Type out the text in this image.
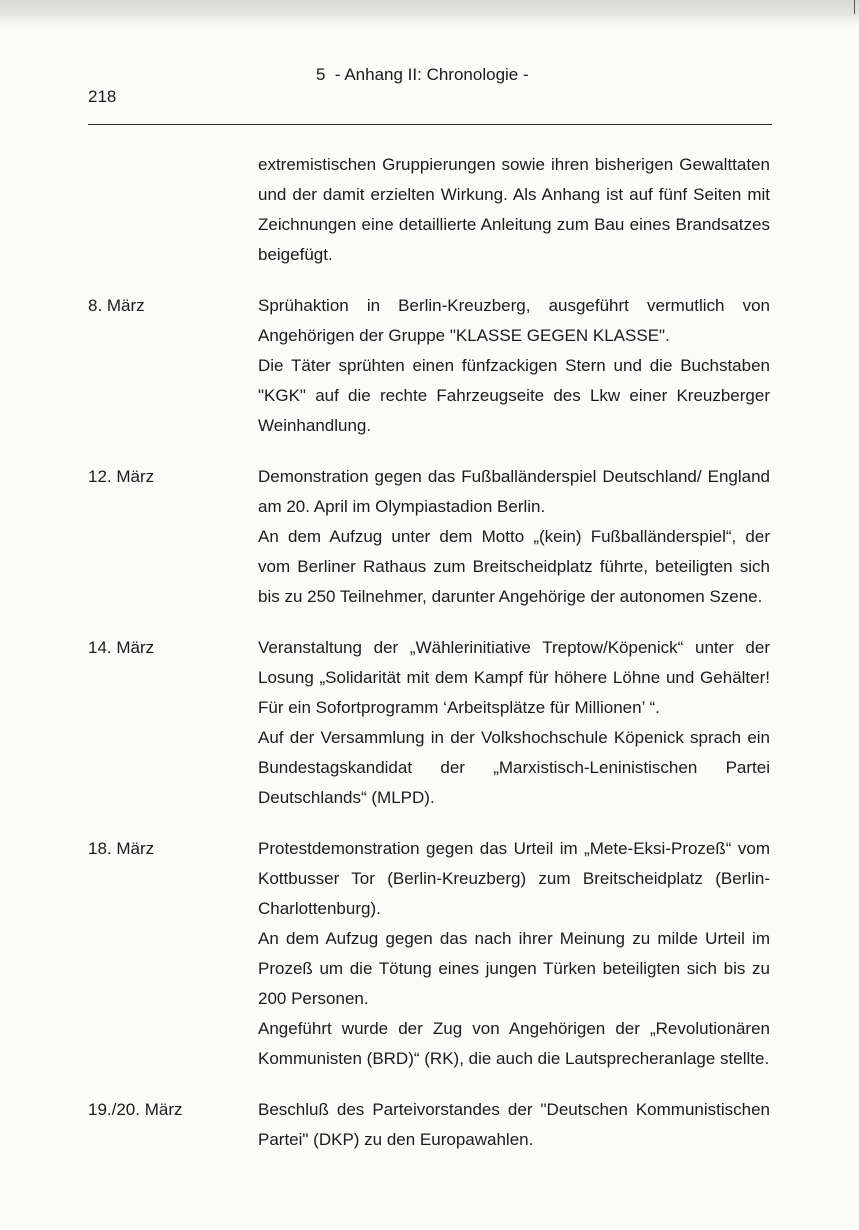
218
5  - Anhang II: Chronologie -

extremistischen Gruppierungen sowie ihren bisherigen Gewalttaten und der damit erzielten Wirkung. Als Anhang ist auf fünf Seiten mit Zeichnungen eine detaillierte Anleitung zum Bau eines Brandsatzes beigefügt.

8. März	Sprühaktion in Berlin-Kreuzberg, ausgeführt vermutlich von Angehörigen der Gruppe "KLASSE GEGEN KLASSE".

Die Täter sprühten einen fünfzackigen Stern und die Buchstaben "KGK" auf die rechte Fahrzeugseite des Lkw einer Kreuzberger Weinhandlung.

12. März	Demonstration gegen das Fußballänderspiel Deutschland/ England am 20. April im Olympiastadion Berlin.

An dem Aufzug unter dem Motto „(kein) Fußballänderspiel“, der vom Berliner Rathaus zum Breitscheidplatz führte, beteiligten sich bis zu 250 Teilnehmer, darunter Angehörige der autonomen Szene.

14. März	Veranstaltung der „Wählerinitiative Treptow/Köpenick“ unter der Losung „Solidarität mit dem Kampf für höhere Löhne und Gehälter! Für ein Sofortprogramm ‘Arbeitsplätze für Millionen’ “.

Auf der Versammlung in der Volkshochschule Köpenick sprach ein Bundestagskandidat der „Marxistisch-Leninistischen Partei Deutschlands“ (MLPD).

18. März	Protestdemonstration gegen das Urteil im „Mete-Eksi-Prozeß“ vom Kottbusser Tor (Berlin-Kreuzberg) zum Breitscheidplatz (Berlin-Charlottenburg).

An dem Aufzug gegen das nach ihrer Meinung zu milde Urteil im Prozeß um die Tötung eines jungen Türken beteiligten sich bis zu 200 Personen.

Angeführt wurde der Zug von Angehörigen der „Revolutionären Kommunisten (BRD)“ (RK), die auch die Lautsprecheranlage stellte.

19./20. März	Beschluß des Parteivorstandes der "Deutschen Kommunistischen Partei" (DKP) zu den Europawahlen.
